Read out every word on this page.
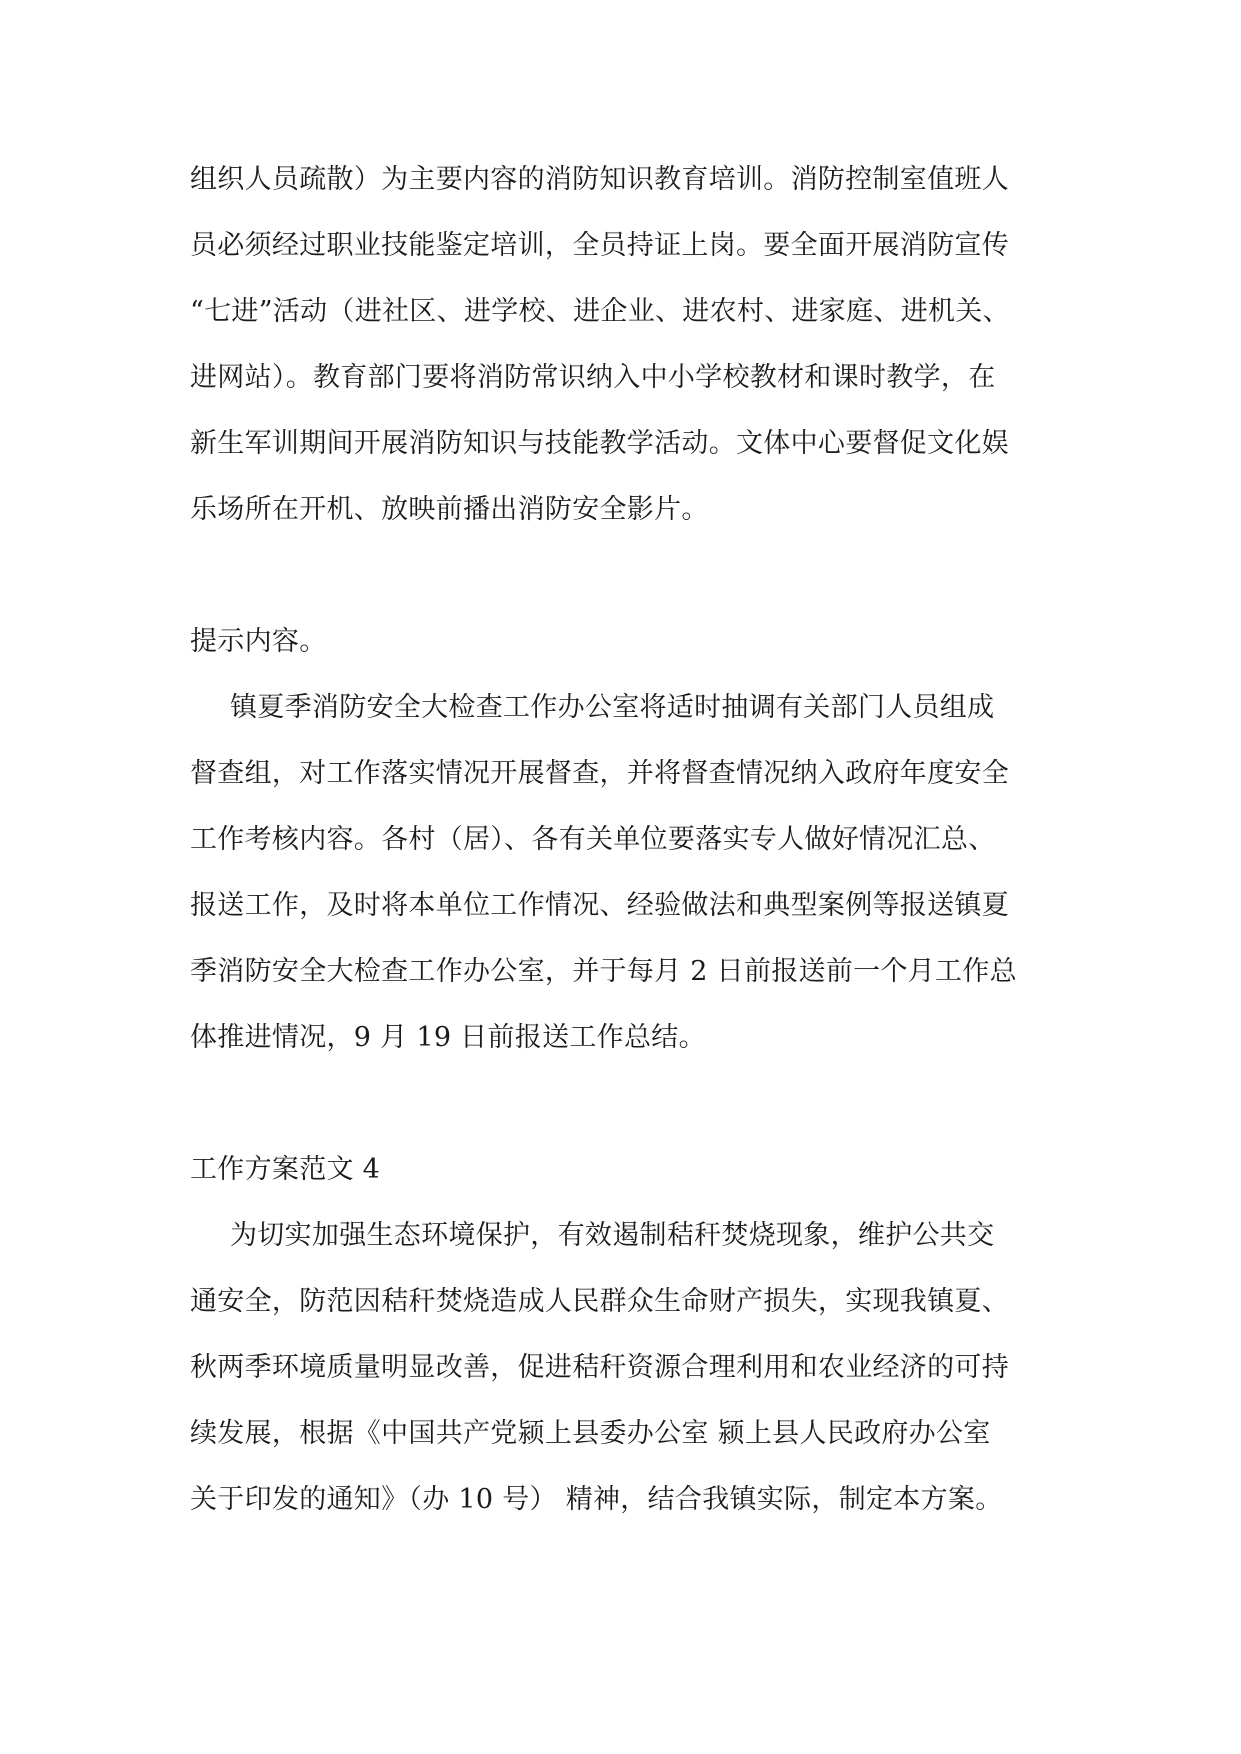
组织人员疏散）为主要内容的消防知识教育培训。消防控制室值班人
员必须经过职业技能鉴定培训，全员持证上岗。要全面开展消防宣传
“七进”活动（进社区、进学校、进企业、进农村、进家庭、进机关、
进网站）。教育部门要将消防常识纳入中小学校教材和课时教学，在
新生军训期间开展消防知识与技能教学活动。文体中心要督促文化娱
乐场所在开机、放映前播出消防安全影片。
提示内容。
镇夏季消防安全大检查工作办公室将适时抽调有关部门人员组成
督查组，对工作落实情况开展督查，并将督查情况纳入政府年度安全
工作考核内容。各村（居）、各有关单位要落实专人做好情况汇总、
报送工作，及时将本单位工作情况、经验做法和典型案例等报送镇夏
季消防安全大检查工作办公室，并于每月 2 日前报送前一个月工作总
体推进情况，9 月 19 日前报送工作总结。
工作方案范文 4
为切实加强生态环境保护，有效遏制秸秆焚烧现象，维护公共交
通安全，防范因秸秆焚烧造成人民群众生命财产损失，实现我镇夏、
秋两季环境质量明显改善，促进秸秆资源合理利用和农业经济的可持
续发展，根据《中国共产党颍上县委办公室 颍上县人民政府办公室
关于印发的通知》（办 10 号） 精神，结合我镇实际，制定本方案。
